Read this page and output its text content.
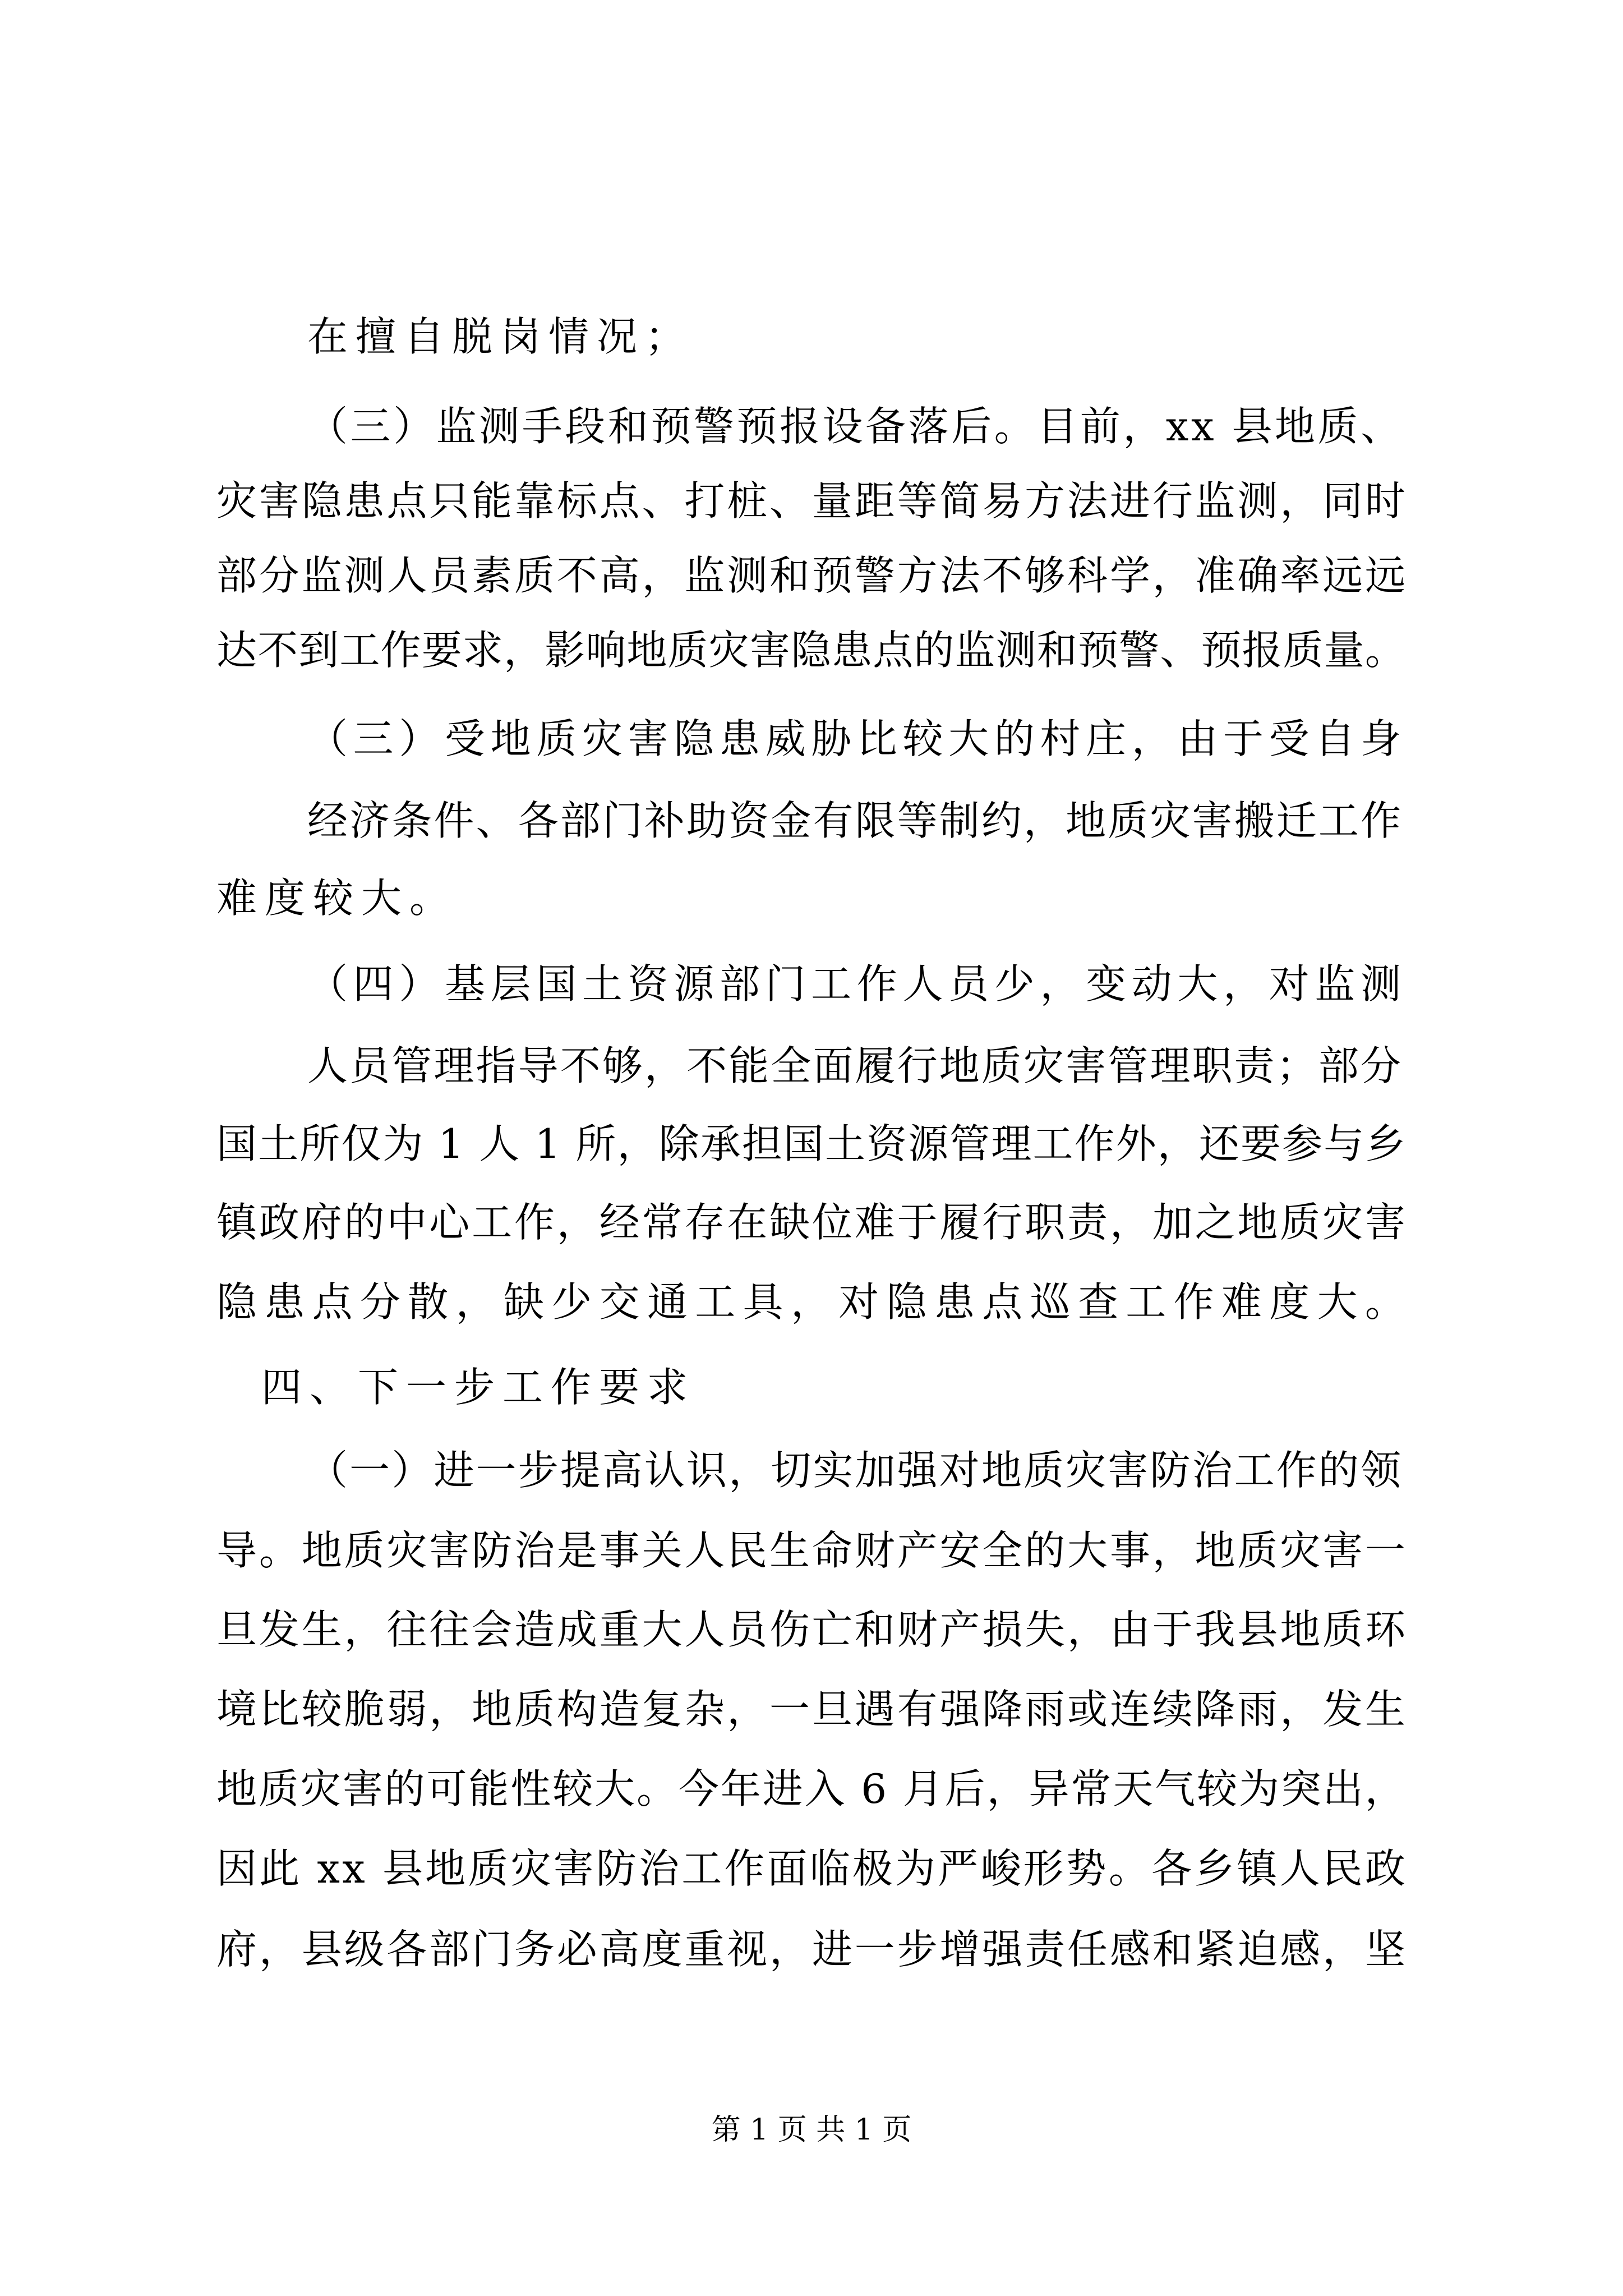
在擅自脱岗情况；
（三）监测手段和预警预报设备落后。目前，xx 县地质、
灾害隐患点只能靠标点、打桩、量距等简易方法进行监测，同时
部分监测人员素质不高，监测和预警方法不够科学，准确率远远
达不到工作要求，影响地质灾害隐患点的监测和预警、预报质量。
（三）受地质灾害隐患威胁比较大的村庄，由于受自身
经济条件、各部门补助资金有限等制约，地质灾害搬迁工作
难度较大。
（四）基层国土资源部门工作人员少，变动大，对监测
人员管理指导不够，不能全面履行地质灾害管理职责；部分
国土所仅为 1 人 1 所，除承担国土资源管理工作外，还要参与乡
镇政府的中心工作，经常存在缺位难于履行职责，加之地质灾害
隐患点分散，缺少交通工具，对隐患点巡查工作难度大。
四、下一步工作要求
（一）进一步提高认识，切实加强对地质灾害防治工作的领
导。地质灾害防治是事关人民生命财产安全的大事，地质灾害一
旦发生，往往会造成重大人员伤亡和财产损失，由于我县地质环
境比较脆弱，地质构造复杂，一旦遇有强降雨或连续降雨，发生
地质灾害的可能性较大。今年进入 6 月后，异常天气较为突出，
因此 xx 县地质灾害防治工作面临极为严峻形势。各乡镇人民政
府，县级各部门务必高度重视，进一步增强责任感和紧迫感，坚
第 1 页 共 1 页
